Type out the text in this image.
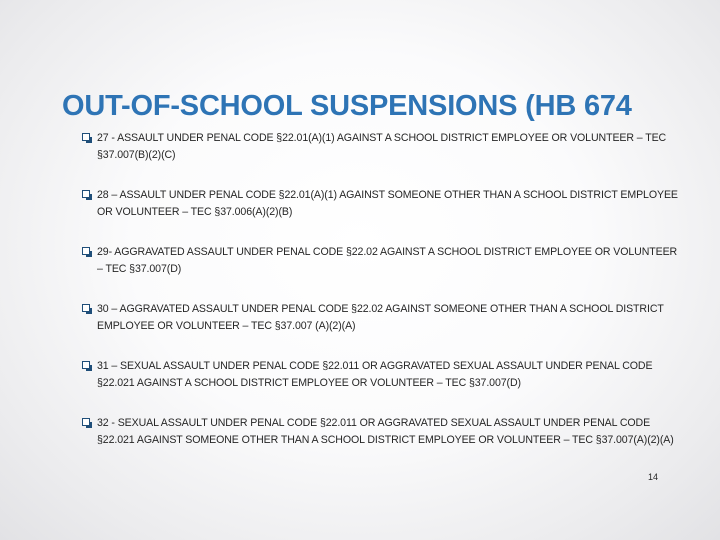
OUT-OF-SCHOOL SUSPENSIONS (HB 674
27 - ASSAULT UNDER PENAL CODE §22.01(A)(1) AGAINST A SCHOOL DISTRICT EMPLOYEE OR VOLUNTEER – TEC §37.007(B)(2)(C)
28 – ASSAULT UNDER PENAL CODE §22.01(A)(1) AGAINST SOMEONE OTHER THAN A SCHOOL DISTRICT EMPLOYEE OR VOLUNTEER – TEC §37.006(A)(2)(B)
29- AGGRAVATED ASSAULT UNDER PENAL CODE §22.02 AGAINST A SCHOOL DISTRICT EMPLOYEE OR VOLUNTEER – TEC §37.007(D)
30 – AGGRAVATED ASSAULT UNDER PENAL CODE §22.02 AGAINST SOMEONE OTHER THAN A SCHOOL DISTRICT EMPLOYEE OR VOLUNTEER – TEC §37.007 (A)(2)(A)
31 – SEXUAL ASSAULT UNDER PENAL CODE §22.011 OR AGGRAVATED SEXUAL ASSAULT UNDER PENAL CODE §22.021 AGAINST A SCHOOL DISTRICT EMPLOYEE OR VOLUNTEER – TEC §37.007(D)
32 - SEXUAL ASSAULT UNDER PENAL CODE §22.011 OR AGGRAVATED SEXUAL ASSAULT UNDER PENAL CODE §22.021 AGAINST SOMEONE OTHER THAN A SCHOOL DISTRICT EMPLOYEE OR VOLUNTEER – TEC §37.007(A)(2)(A)
14
